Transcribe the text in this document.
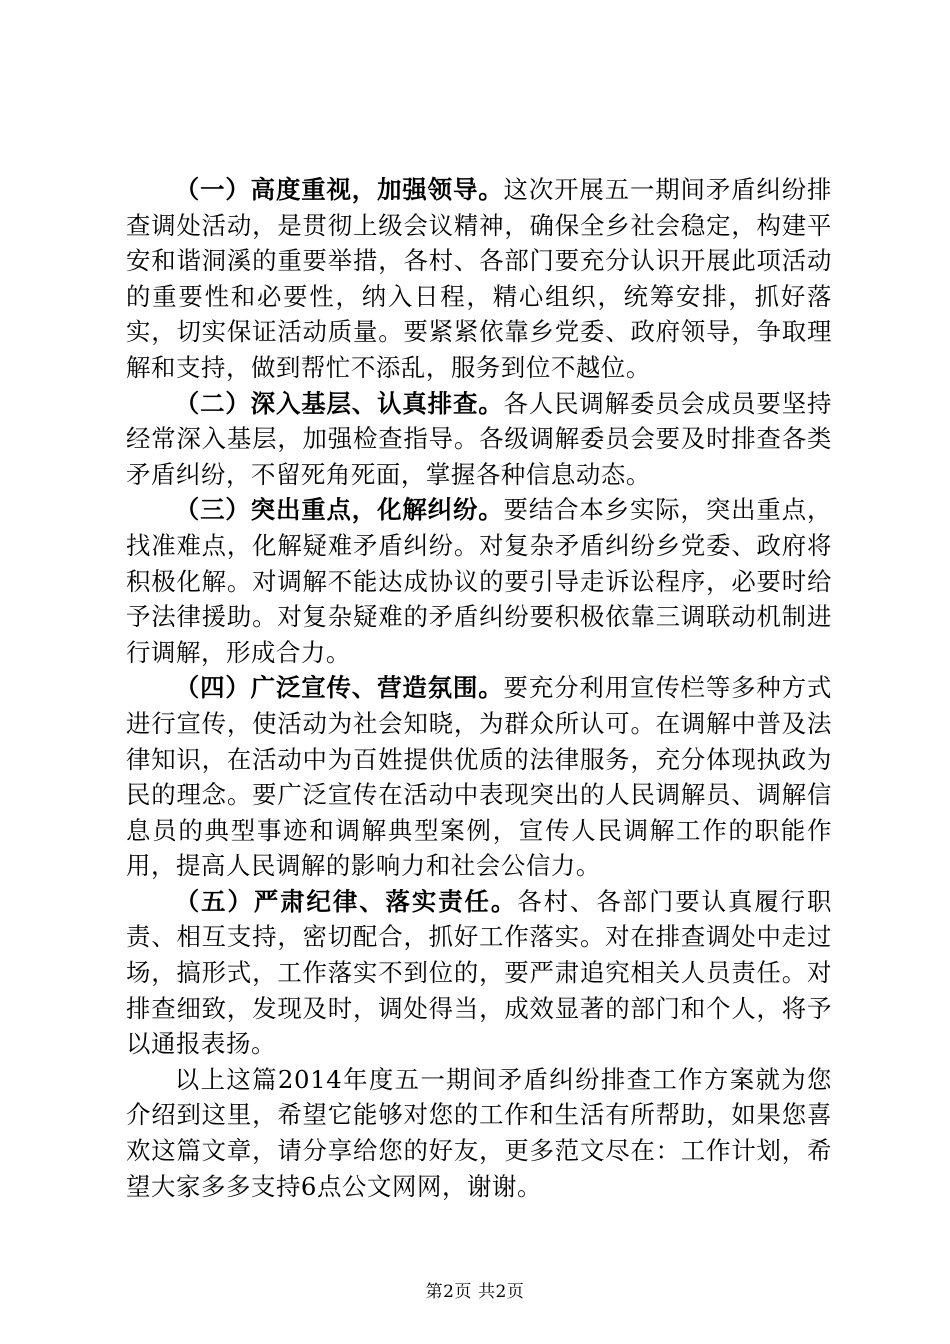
（一）高度重视，加强领导。这次开展五一期间矛盾纠纷排查调处活动，是贯彻上级会议精神，确保全乡社会稳定，构建平安和谐洞溪的重要举措，各村、各部门要充分认识开展此项活动的重要性和必要性，纳入日程，精心组织，统筹安排，抓好落实，切实保证活动质量。要紧紧依靠乡党委、政府领导，争取理解和支持，做到帮忙不添乱，服务到位不越位。

（二）深入基层、认真排查。各人民调解委员会成员要坚持经常深入基层，加强检查指导。各级调解委员会要及时排查各类矛盾纠纷，不留死角死面，掌握各种信息动态。

（三）突出重点，化解纠纷。要结合本乡实际，突出重点，找准难点，化解疑难矛盾纠纷。对复杂矛盾纠纷乡党委、政府将积极化解。对调解不能达成协议的要引导走诉讼程序，必要时给予法律援助。对复杂疑难的矛盾纠纷要积极依靠三调联动机制进行调解，形成合力。

（四）广泛宣传、营造氛围。要充分利用宣传栏等多种方式进行宣传，使活动为社会知晓，为群众所认可。在调解中普及法律知识，在活动中为百姓提供优质的法律服务，充分体现执政为民的理念。要广泛宣传在活动中表现突出的人民调解员、调解信息员的典型事迹和调解典型案例，宣传人民调解工作的职能作用，提高人民调解的影响力和社会公信力。

（五）严肃纪律、落实责任。各村、各部门要认真履行职责、相互支持，密切配合，抓好工作落实。对在排查调处中走过场，搞形式，工作落实不到位的，要严肃追究相关人员责任。对排查细致，发现及时，调处得当，成效显著的部门和个人，将予以通报表扬。

以上这篇2014年度五一期间矛盾纠纷排查工作方案就为您介绍到这里，希望它能够对您的工作和生活有所帮助，如果您喜欢这篇文章，请分享给您的好友，更多范文尽在：工作计划，希望大家多多支持6点公文网网，谢谢。

第2页 共2页
